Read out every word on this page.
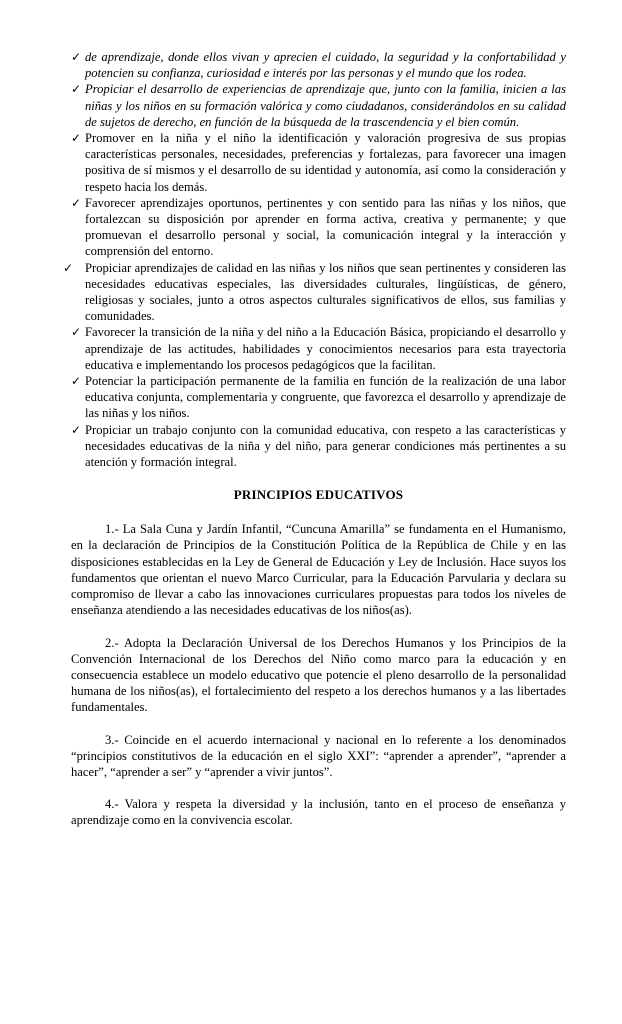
✓ de aprendizaje, donde ellos vivan y aprecien el cuidado, la seguridad y la confortabilidad y potencien su confianza, curiosidad e interés por las personas y el mundo que los rodea.
✓ Propiciar el desarrollo de experiencias de aprendizaje que, junto con la familia, inicien a las niñas y los niños en su formación valórica y como ciudadanos, considerándolos en su calidad de sujetos de derecho, en función de la búsqueda de la trascendencia y el bien común.
✓ Promover en la niña y el niño la identificación y valoración progresiva de sus propias características personales, necesidades, preferencias y fortalezas, para favorecer una imagen positiva de sí mismos y el desarrollo de su identidad y autonomía, así como la consideración y respeto hacia los demás.
✓ Favorecer aprendizajes oportunos, pertinentes y con sentido para las niñas y los niños, que fortalezcan su disposición por aprender en forma activa, creativa y permanente; y que promuevan el desarrollo personal y social, la comunicación integral y la interacción y comprensión del entorno.
✓ Propiciar aprendizajes de calidad en las niñas y los niños que sean pertinentes y consideren las necesidades educativas especiales, las diversidades culturales, lingüísticas, de género, religiosas y sociales, junto a otros aspectos culturales significativos de ellos, sus familias y comunidades.
✓ Favorecer la transición de la niña y del niño a la Educación Básica, propiciando el desarrollo y aprendizaje de las actitudes, habilidades y conocimientos necesarios para esta trayectoria educativa e implementando los procesos pedagógicos que la facilitan.
✓ Potenciar la participación permanente de la familia en función de la realización de una labor educativa conjunta, complementaria y congruente, que favorezca el desarrollo y aprendizaje de las niñas y los niños.
✓ Propiciar un trabajo conjunto con la comunidad educativa, con respeto a las características y necesidades educativas de la niña y del niño, para generar condiciones más pertinentes a su atención y formación integral.
PRINCIPIOS EDUCATIVOS

1.- La Sala Cuna y Jardín Infantil, “Cuncuna Amarilla” se fundamenta en el Humanismo, en la declaración de Principios de la Constitución Política de la República de Chile y en las disposiciones establecidas en la Ley de General de Educación y Ley de Inclusión. Hace suyos los fundamentos que orientan el nuevo Marco Curricular, para la Educación Parvularia y declara su compromiso de llevar a cabo las innovaciones curriculares propuestas para todos los niveles de enseñanza atendiendo a las necesidades educativas de los niños(as).

2.- Adopta la Declaración Universal de los Derechos Humanos y los Principios de la Convención Internacional de los Derechos del Niño como marco para la educación y en consecuencia establece un modelo educativo que potencie el pleno desarrollo de la personalidad humana de los niños(as), el fortalecimiento del respeto a los derechos humanos y a las libertades fundamentales.

3.- Coincide en el acuerdo internacional y nacional en lo referente a los denominados “principios constitutivos de la educación en el siglo XXI”: “aprender a aprender”, “aprender a hacer”, “aprender a ser” y “aprender a vivir juntos”.

4.- Valora y respeta la diversidad y la inclusión, tanto en el proceso de enseñanza y aprendizaje como en la convivencia escolar.
